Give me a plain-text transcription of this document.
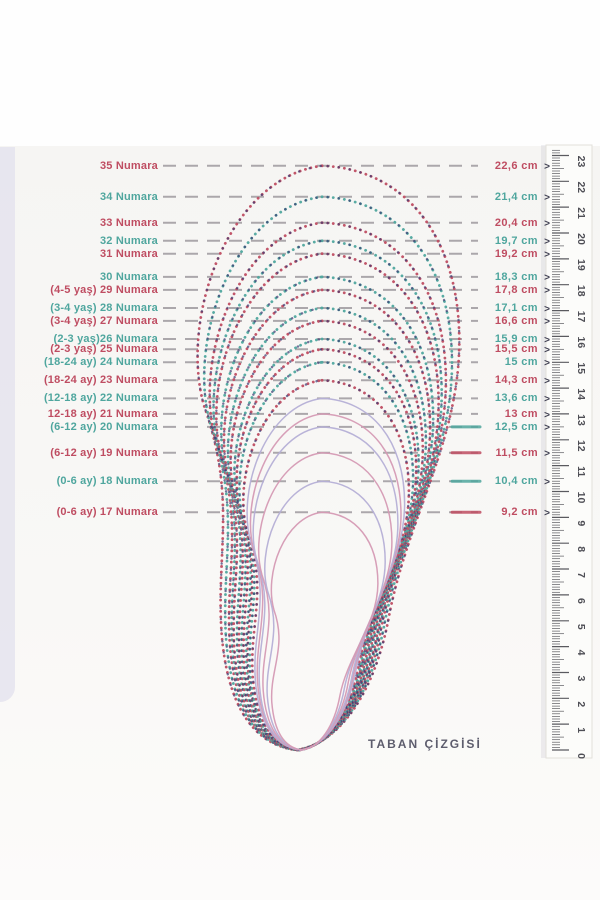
0
1
2
3
4
5
6
7
8
9
10
11
12
13
14
15
16
17
18
19
20
21
22
23
>
>
>
>
>
>
>
>
>
>
>
>
>
>
>
>
>
>
>
35 Numara
34 Numara
33 Numara
32 Numara
31 Numara
30 Numara
(4-5 yaş) 29 Numara
(3-4 yaş) 28 Numara
(3-4 yaş) 27 Numara
(2-3 yaş)26 Numara
(2-3 yaş) 25 Numara
(18-24 ay) 24 Numara
(18-24 ay) 23 Numara
(12-18 ay) 22 Numara
12-18 ay) 21 Numara
(6-12 ay) 20 Numara
(6-12 ay) 19 Numara
(0-6 ay) 18 Numara
(0-6 ay) 17 Numara
22,6 cm
21,4 cm
20,4 cm
19,7 cm
19,2 cm
18,3 cm
17,8 cm
17,1 cm
16,6 cm
15,9 cm
15,5 cm
15 cm
14,3 cm
13,6 cm
13 cm
12,5 cm
11,5 cm
10,4 cm
9,2 cm
TABAN ÇİZGİSİ
